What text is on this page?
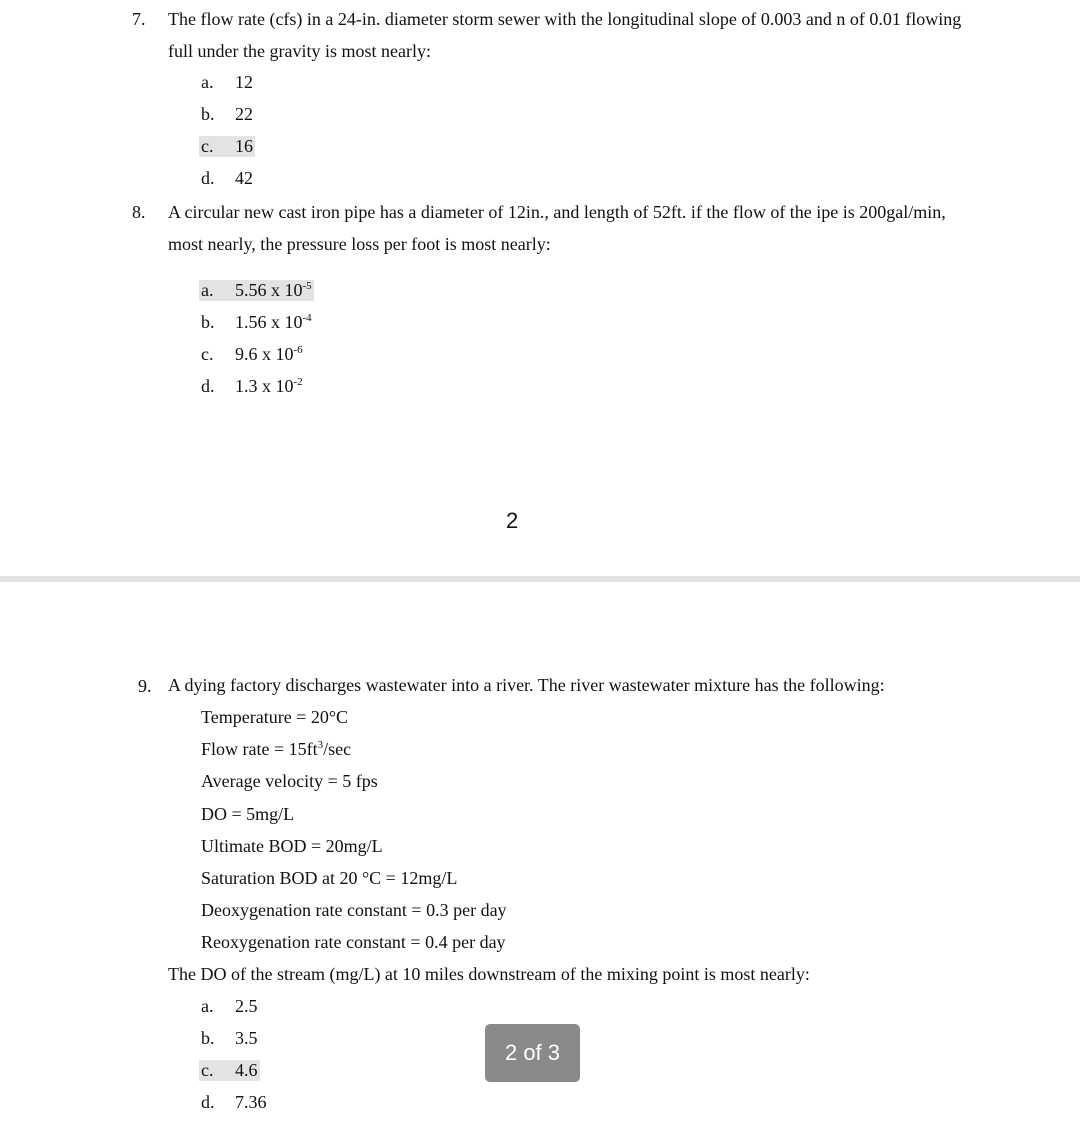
7. The flow rate (cfs) in a 24-in. diameter storm sewer with the longitudinal slope of 0.003 and n of 0.01 flowing
full under the gravity is most nearly:
a. 12
b. 22
c. 16
d. 42
8. A circular new cast iron pipe has a diameter of 12in., and length of 52ft. if the flow of the ipe is 200gal/min,
most nearly, the pressure loss per foot is most nearly:
a. 5.56 x $10^{-5}$
b. 1.56 x $10^{-4}$
c. 9.6 x $10^{-6}$
d. 1.3 x $10^{-2}$
2
9. A dying factory discharges wastewater into a river. The river wastewater mixture has the following:
Temperature = 20°C
Flow rate = $15ft^3/\sec$
Average velocity = 5 fps
DO = 5mg/L
Ultimate BOD = 20mg/L
Saturation BOD at 20 °C = 12mg/L
Deoxygenation rate constant = 0.3 per day
Reoxygenation rate constant = 0.4 per day
The DO of the stream (mg/L) at 10 miles downstream of the mixing point is most nearly:
a. 2.5
b. 3.5
c. 4.6
d. 7.36
2 of 3
